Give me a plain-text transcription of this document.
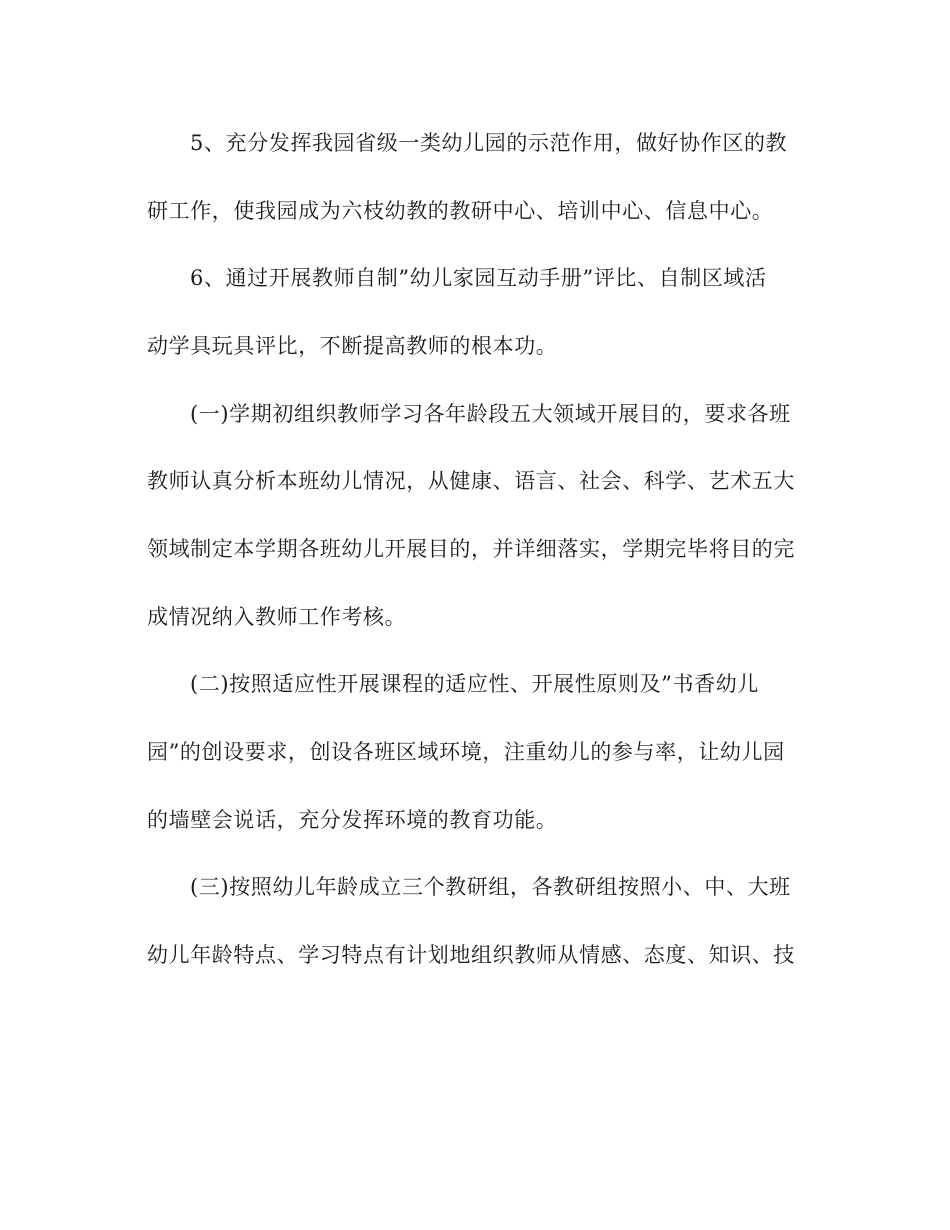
5、充分发挥我园省级一类幼儿园的示范作用，做好协作区的教

研工作，使我园成为六枝幼教的教研中心、培训中心、信息中心。

6、通过开展教师自制”幼儿家园互动手册”评比、自制区域活

动学具玩具评比，不断提高教师的根本功。

(一)学期初组织教师学习各年龄段五大领域开展目的，要求各班

教师认真分析本班幼儿情况，从健康、语言、社会、科学、艺术五大

领域制定本学期各班幼儿开展目的，并详细落实，学期完毕将目的完

成情况纳入教师工作考核。

(二)按照适应性开展课程的适应性、开展性原则及”书香幼儿

园”的创设要求，创设各班区域环境，注重幼儿的参与率，让幼儿园

的墙壁会说话，充分发挥环境的教育功能。

(三)按照幼儿年龄成立三个教研组，各教研组按照小、中、大班

幼儿年龄特点、学习特点有计划地组织教师从情感、态度、知识、技
